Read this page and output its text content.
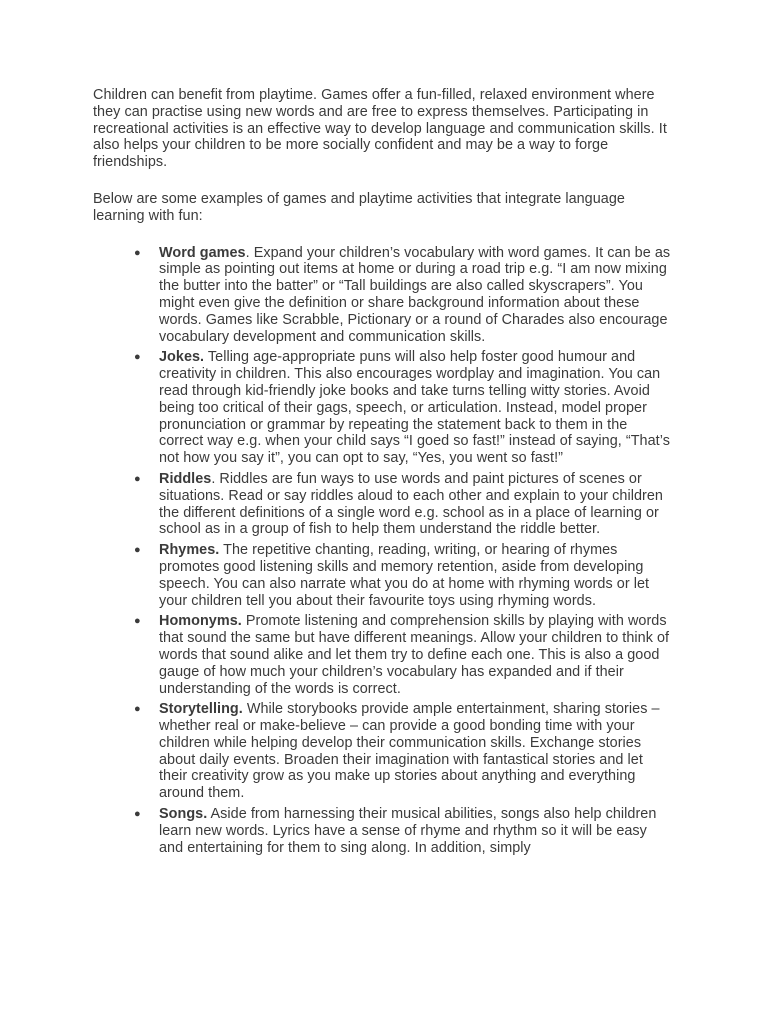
Children can benefit from playtime. Games offer a fun-filled, relaxed environment where they can practise using new words and are free to express themselves. Participating in recreational activities is an effective way to develop language and communication skills. It also helps your children to be more socially confident and may be a way to forge friendships.

Below are some examples of games and playtime activities that integrate language learning with fun:

● Word games. Expand your children’s vocabulary with word games. It can be as simple as pointing out items at home or during a road trip e.g. “I am now mixing the butter into the batter” or “Tall buildings are also called skyscrapers”. You might even give the definition or share background information about these words. Games like Scrabble, Pictionary or a round of Charades also encourage vocabulary development and communication skills.
● Jokes. Telling age-appropriate puns will also help foster good humour and creativity in children. This also encourages wordplay and imagination. You can read through kid-friendly joke books and take turns telling witty stories. Avoid being too critical of their gags, speech, or articulation. Instead, model proper pronunciation or grammar by repeating the statement back to them in the correct way e.g. when your child says “I goed so fast!” instead of saying, “That’s not how you say it”, you can opt to say, “Yes, you went so fast!”
● Riddles. Riddles are fun ways to use words and paint pictures of scenes or situations. Read or say riddles aloud to each other and explain to your children the different definitions of a single word e.g. school as in a place of learning or school as in a group of fish to help them understand the riddle better.
● Rhymes. The repetitive chanting, reading, writing, or hearing of rhymes promotes good listening skills and memory retention, aside from developing speech. You can also narrate what you do at home with rhyming words or let your children tell you about their favourite toys using rhyming words.
● Homonyms. Promote listening and comprehension skills by playing with words that sound the same but have different meanings. Allow your children to think of words that sound alike and let them try to define each one. This is also a good gauge of how much your children’s vocabulary has expanded and if their understanding of the words is correct.
● Storytelling. While storybooks provide ample entertainment, sharing stories – whether real or make-believe – can provide a good bonding time with your children while helping develop their communication skills. Exchange stories about daily events. Broaden their imagination with fantastical stories and let their creativity grow as you make up stories about anything and everything around them.
● Songs. Aside from harnessing their musical abilities, songs also help children learn new words. Lyrics have a sense of rhyme and rhythm so it will be easy and entertaining for them to sing along. In addition, simply
